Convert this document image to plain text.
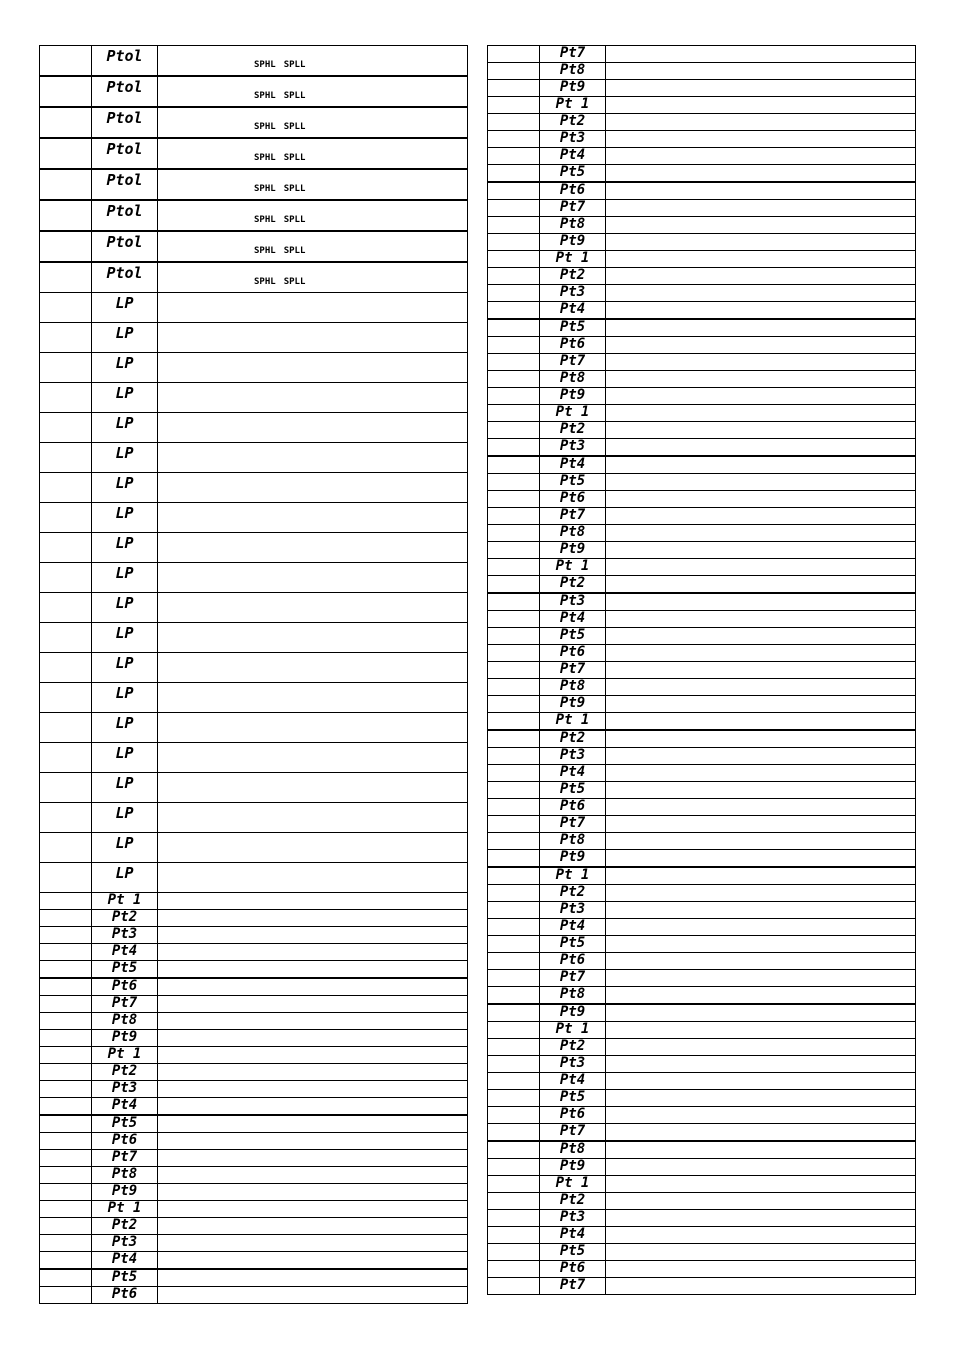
	Ptol	SPHL SPLL

	Ptol	SPHL SPLL

	Ptol	SPHL SPLL

	Ptol	SPHL SPLL

	Ptol	SPHL SPLL

	Ptol	SPHL SPLL

	Ptol	SPHL SPLL

	Ptol	SPHL SPLL

	LP	

	LP	

	LP	

	LP	

	LP	

	LP	

	LP	

	LP	

	LP	

	LP	

	LP	

	LP	

	LP	

	LP	

	LP	

	LP	

	LP	

	LP	

	LP	

	LP	

	Pt 1	

	Pt2	

	Pt3	

	Pt4	

	Pt5	

	Pt6	

	Pt7	

	Pt8	

	Pt9	

	Pt 1	

	Pt2	

	Pt3	

	Pt4	

	Pt5	

	Pt6	

	Pt7	

	Pt8	

	Pt9	

	Pt 1	

	Pt2	

	Pt3	

	Pt4	

	Pt5	

	Pt6	

	Pt7	

	Pt8	

	Pt9	

	Pt 1	

	Pt2	

	Pt3	

	Pt4	

	Pt5	

	Pt6	

	Pt7	

	Pt8	

	Pt9	

	Pt 1	

	Pt2	

	Pt3	

	Pt4	

	Pt5	

	Pt6	

	Pt7	

	Pt8	

	Pt9	

	Pt 1	

	Pt2	

	Pt3	

	Pt4	

	Pt5	

	Pt6	

	Pt7	

	Pt8	

	Pt9	

	Pt 1	

	Pt2	

	Pt3	

	Pt4	

	Pt5	

	Pt6	

	Pt7	

	Pt8	

	Pt9	

	Pt 1	

	Pt2	

	Pt3	

	Pt4	

	Pt5	

	Pt6	

	Pt7	

	Pt8	

	Pt9	

	Pt 1	

	Pt2	

	Pt3	

	Pt4	

	Pt5	

	Pt6	

	Pt7	

	Pt8	

	Pt9	

	Pt 1	

	Pt2	

	Pt3	

	Pt4	

	Pt5	

	Pt6	

	Pt7	

	Pt8	

	Pt9	

	Pt 1	

	Pt2	

	Pt3	

	Pt4	

	Pt5	

	Pt6	

	Pt7	
